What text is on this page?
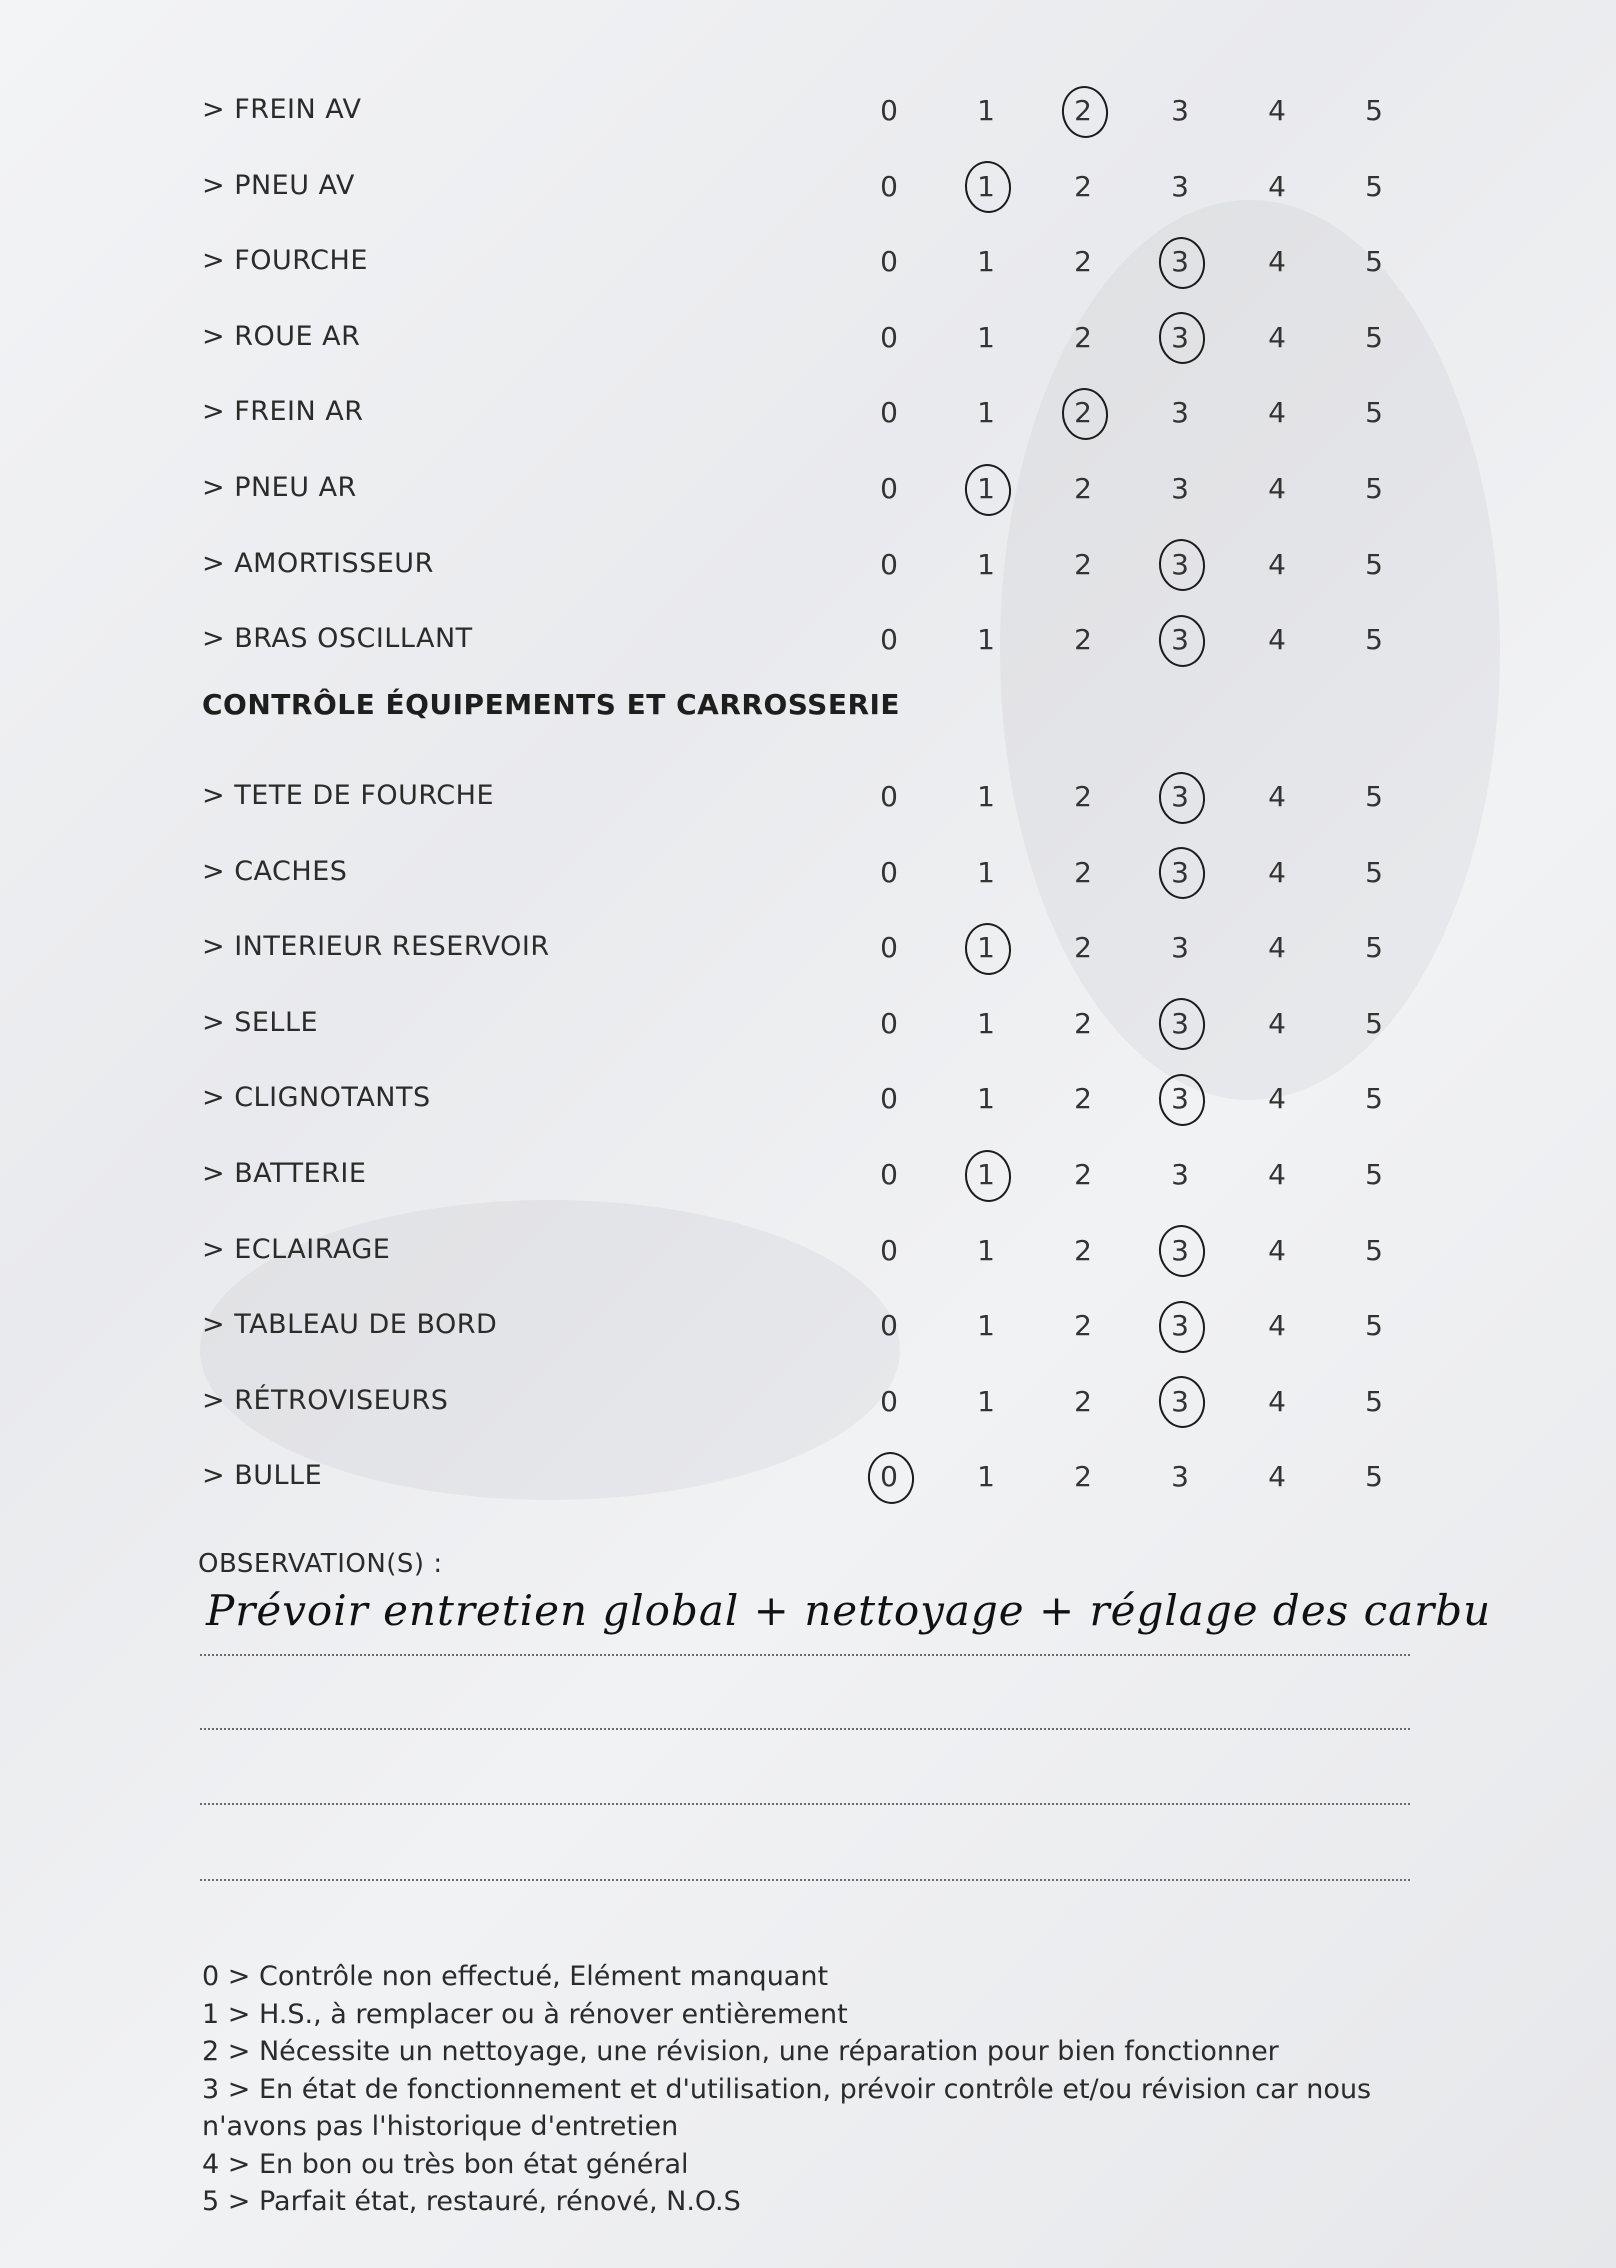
> FREIN AV	0	1	2	3	4	5
> PNEU AV	0	1	2	3	4	5
> FOURCHE	0	1	2	3	4	5
> ROUE AR	0	1	2	3	4	5
> FREIN AR	0	1	2	3	4	5
> PNEU AR	0	1	2	3	4	5
> AMORTISSEUR	0	1	2	3	4	5
> BRAS OSCILLANT	0	1	2	3	4	5
CONTRÔLE ÉQUIPEMENTS ET CARROSSERIE
> TETE DE FOURCHE	0	1	2	3	4	5
> CACHES	0	1	2	3	4	5
> INTERIEUR RESERVOIR	0	1	2	3	4	5
> SELLE	0	1	2	3	4	5
> CLIGNOTANTS	0	1	2	3	4	5
> BATTERIE	0	1	2	3	4	5
> ECLAIRAGE	0	1	2	3	4	5
> TABLEAU DE BORD	0	1	2	3	4	5
> RÉTROVISEURS	0	1	2	3	4	5
> BULLE	0	1	2	3	4	5
OBSERVATION(S) :
Prévoir entretien global + nettoyage + réglage des carbu
0 > Contrôle non effectué, Elément manquant
1 > H.S., à remplacer ou à rénover entièrement
2 > Nécessite un nettoyage, une révision, une réparation pour bien fonctionner
3 > En état de fonctionnement et d'utilisation, prévoir contrôle et/ou révision car nous n'avons pas l'historique d'entretien
4 > En bon ou très bon état général
5 > Parfait état, restauré, rénové, N.O.S
